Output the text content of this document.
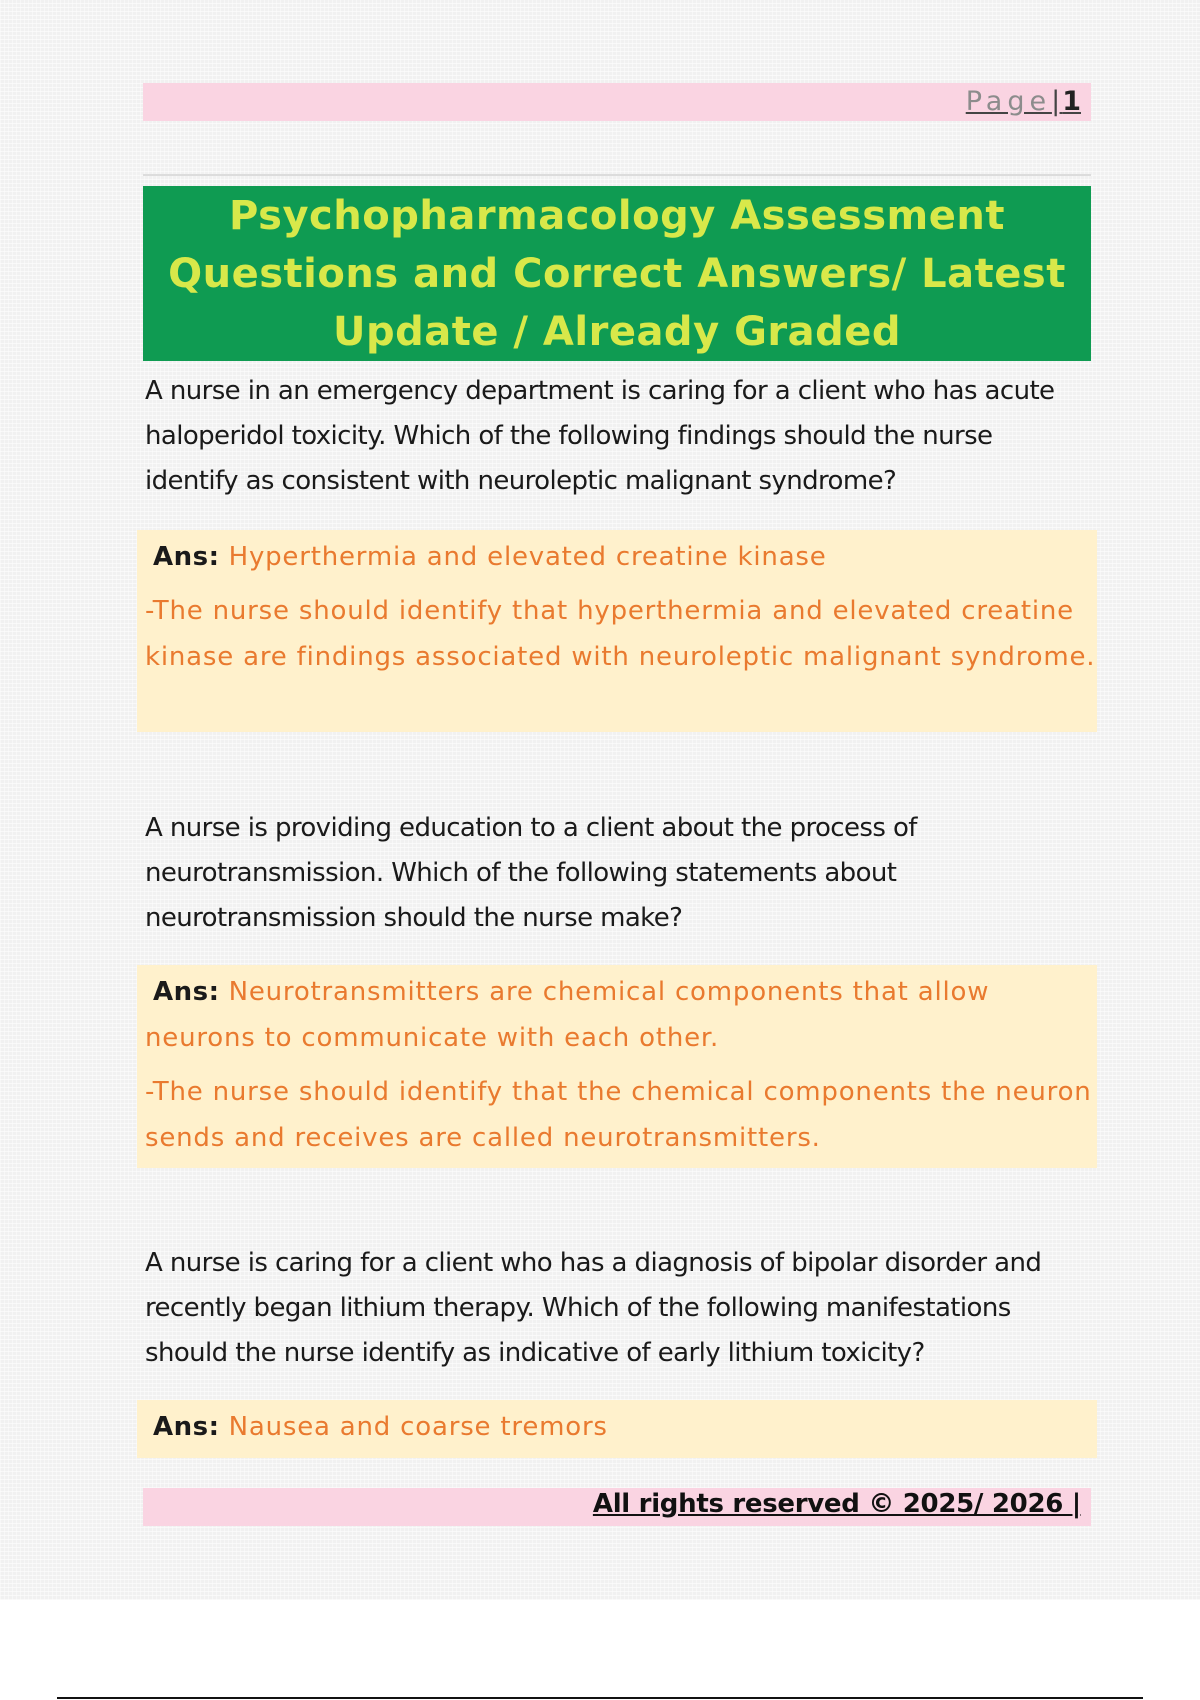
Page|1
Psychopharmacology Assessment Questions and Correct Answers/ Latest Update / Already Graded
A nurse in an emergency department is caring for a client who has acute haloperidol toxicity. Which of the following findings should the nurse identify as consistent with neuroleptic malignant syndrome?
Ans: Hyperthermia and elevated creatine kinase
-The nurse should identify that hyperthermia and elevated creatine kinase are findings associated with neuroleptic malignant syndrome.
A nurse is providing education to a client about the process of neurotransmission. Which of the following statements about neurotransmission should the nurse make?
Ans: Neurotransmitters are chemical components that allow neurons to communicate with each other.
-The nurse should identify that the chemical components the neuron sends and receives are called neurotransmitters.
A nurse is caring for a client who has a diagnosis of bipolar disorder and recently began lithium therapy. Which of the following manifestations should the nurse identify as indicative of early lithium toxicity?
Ans: Nausea and coarse tremors
All rights reserved © 2025/ 2026 |
